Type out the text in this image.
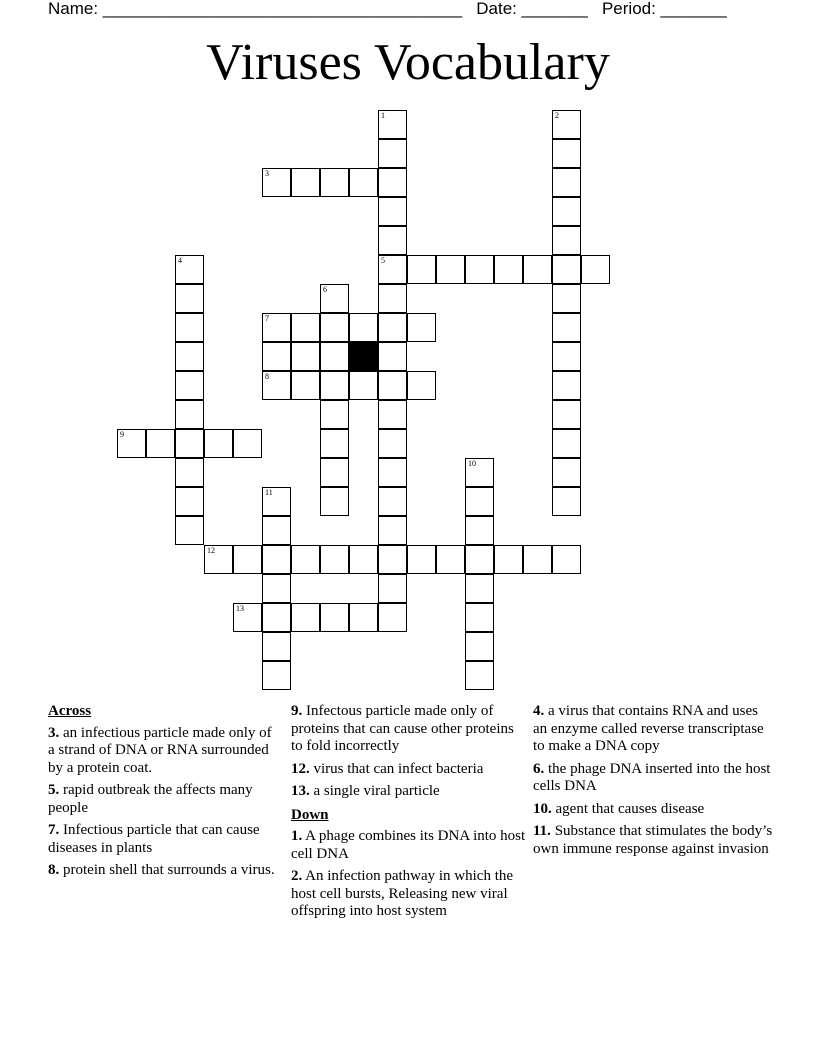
Name: ______________________________________ Date: _______ Period: _______
Viruses Vocabulary
1
5
2
3
4
6
7
8
9
10
11
12
13
Across
3. an infectious particle made only of a strand of DNA or RNA surrounded by a protein coat.
5. rapid outbreak the affects many people
7. Infectious particle that can cause diseases in plants
8. protein shell that surrounds a virus.
9. Infectous particle made only of proteins that can cause other proteins to fold incorrectly
12. virus that can infect bacteria
13. a single viral particle
Down
1. A phage combines its DNA into host cell DNA
2. An infection pathway in which the host cell bursts, Releasing new viral offspring into host system
4. a virus that contains RNA and uses an enzyme called reverse transcriptase to make a DNA copy
6. the phage DNA inserted into the host cells DNA
10. agent that causes disease
11. Substance that stimulates the body’s own immune response against invasion
